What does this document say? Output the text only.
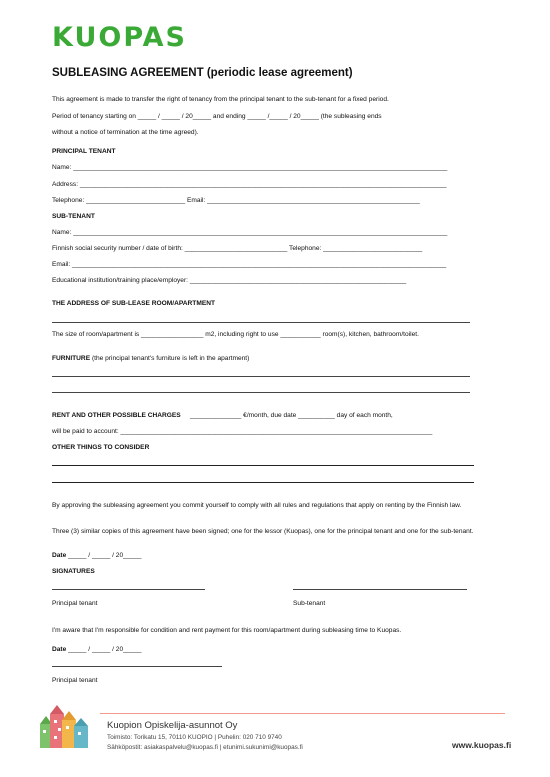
KUOPAS
SUBLEASING AGREEMENT (periodic lease agreement)
This agreement is made to transfer the right of tenancy from the principal tenant to the sub-tenant for a fixed period.
Period of tenancy starting on _____ / _____ / 20_____ and ending _____ /_____ / 20_____ (the subleasing ends
without a notice of termination at the time agreed).
PRINCIPAL TENANT
Name: ______________________________________________________________________________________________________
Address: ____________________________________________________________________________________________________
Telephone: ___________________________ Email: __________________________________________________________
SUB-TENANT
Name: ______________________________________________________________________________________________________
Finnish social security number / date of birth: ____________________________ Telephone: ___________________________
Email: ______________________________________________________________________________________________________
Educational institution/training place/employer: ___________________________________________________________
THE ADDRESS OF SUB-LEASE ROOM/APARTMENT
The size of room/apartment is _________________ m2, including right to use ___________ room(s), kitchen, bathroom/toilet.
FURNITURE (the principal tenant's furniture is left in the apartment)
RENT AND OTHER POSSIBLE CHARGES ______________ €/month, due date __________ day of each month,
will be paid to account: _____________________________________________________________________________________
OTHER THINGS TO CONSIDER
By approving the subleasing agreement you commit yourself to comply with all rules and regulations that apply on renting by the Finnish law.
Three (3) similar copies of this agreement have been signed; one for the lessor (Kuopas), one for the principal tenant and one for the sub-tenant.
Date _____ / _____ / 20_____
SIGNATURES
Principal tenant	Sub-tenant
I'm aware that I'm responsible for condition and rent payment for this room/apartment during subleasing time to Kuopas.
Date _____ / _____ / 20_____
Principal tenant
Kuopion Opiskelija-asunnot Oy
Toimisto: Torikatu 15, 70110 KUOPIO | Puhelin: 020 710 9740
Sähköpostit: asiakaspalvelu@kuopas.fi | etunimi.sukunimi@kuopas.fi	www.kuopas.fi
